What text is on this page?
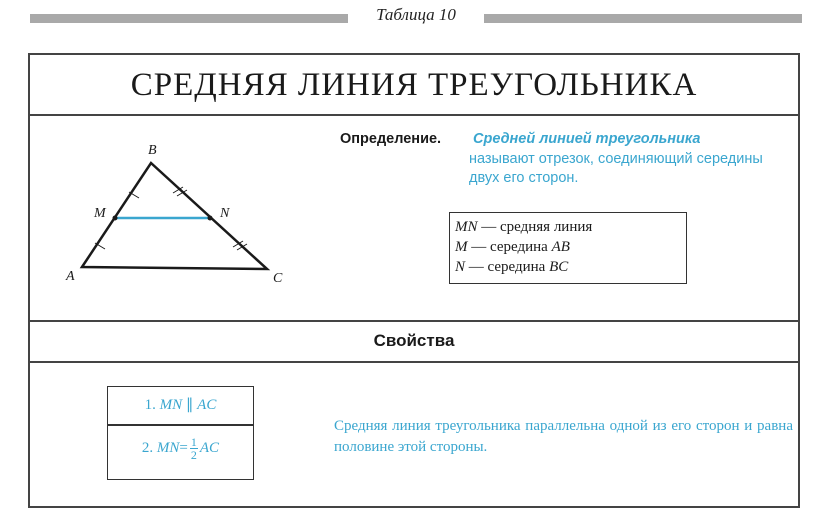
Таблица 10
СРЕДНЯЯ ЛИНИЯ ТРЕУГОЛЬНИКА
B
A	C
M	N
Определение. Средней линией треугольника
называют отрезок, соединяющий середины двух его сторон.
MN — средняя линия
M — середина AB
N — середина BC
Свойства
1. MN ∥ AC
2. $MN= \frac{1}{2}$ AC
Средняя линия треугольника параллельна одной из его сторон и равна половине этой стороны.
